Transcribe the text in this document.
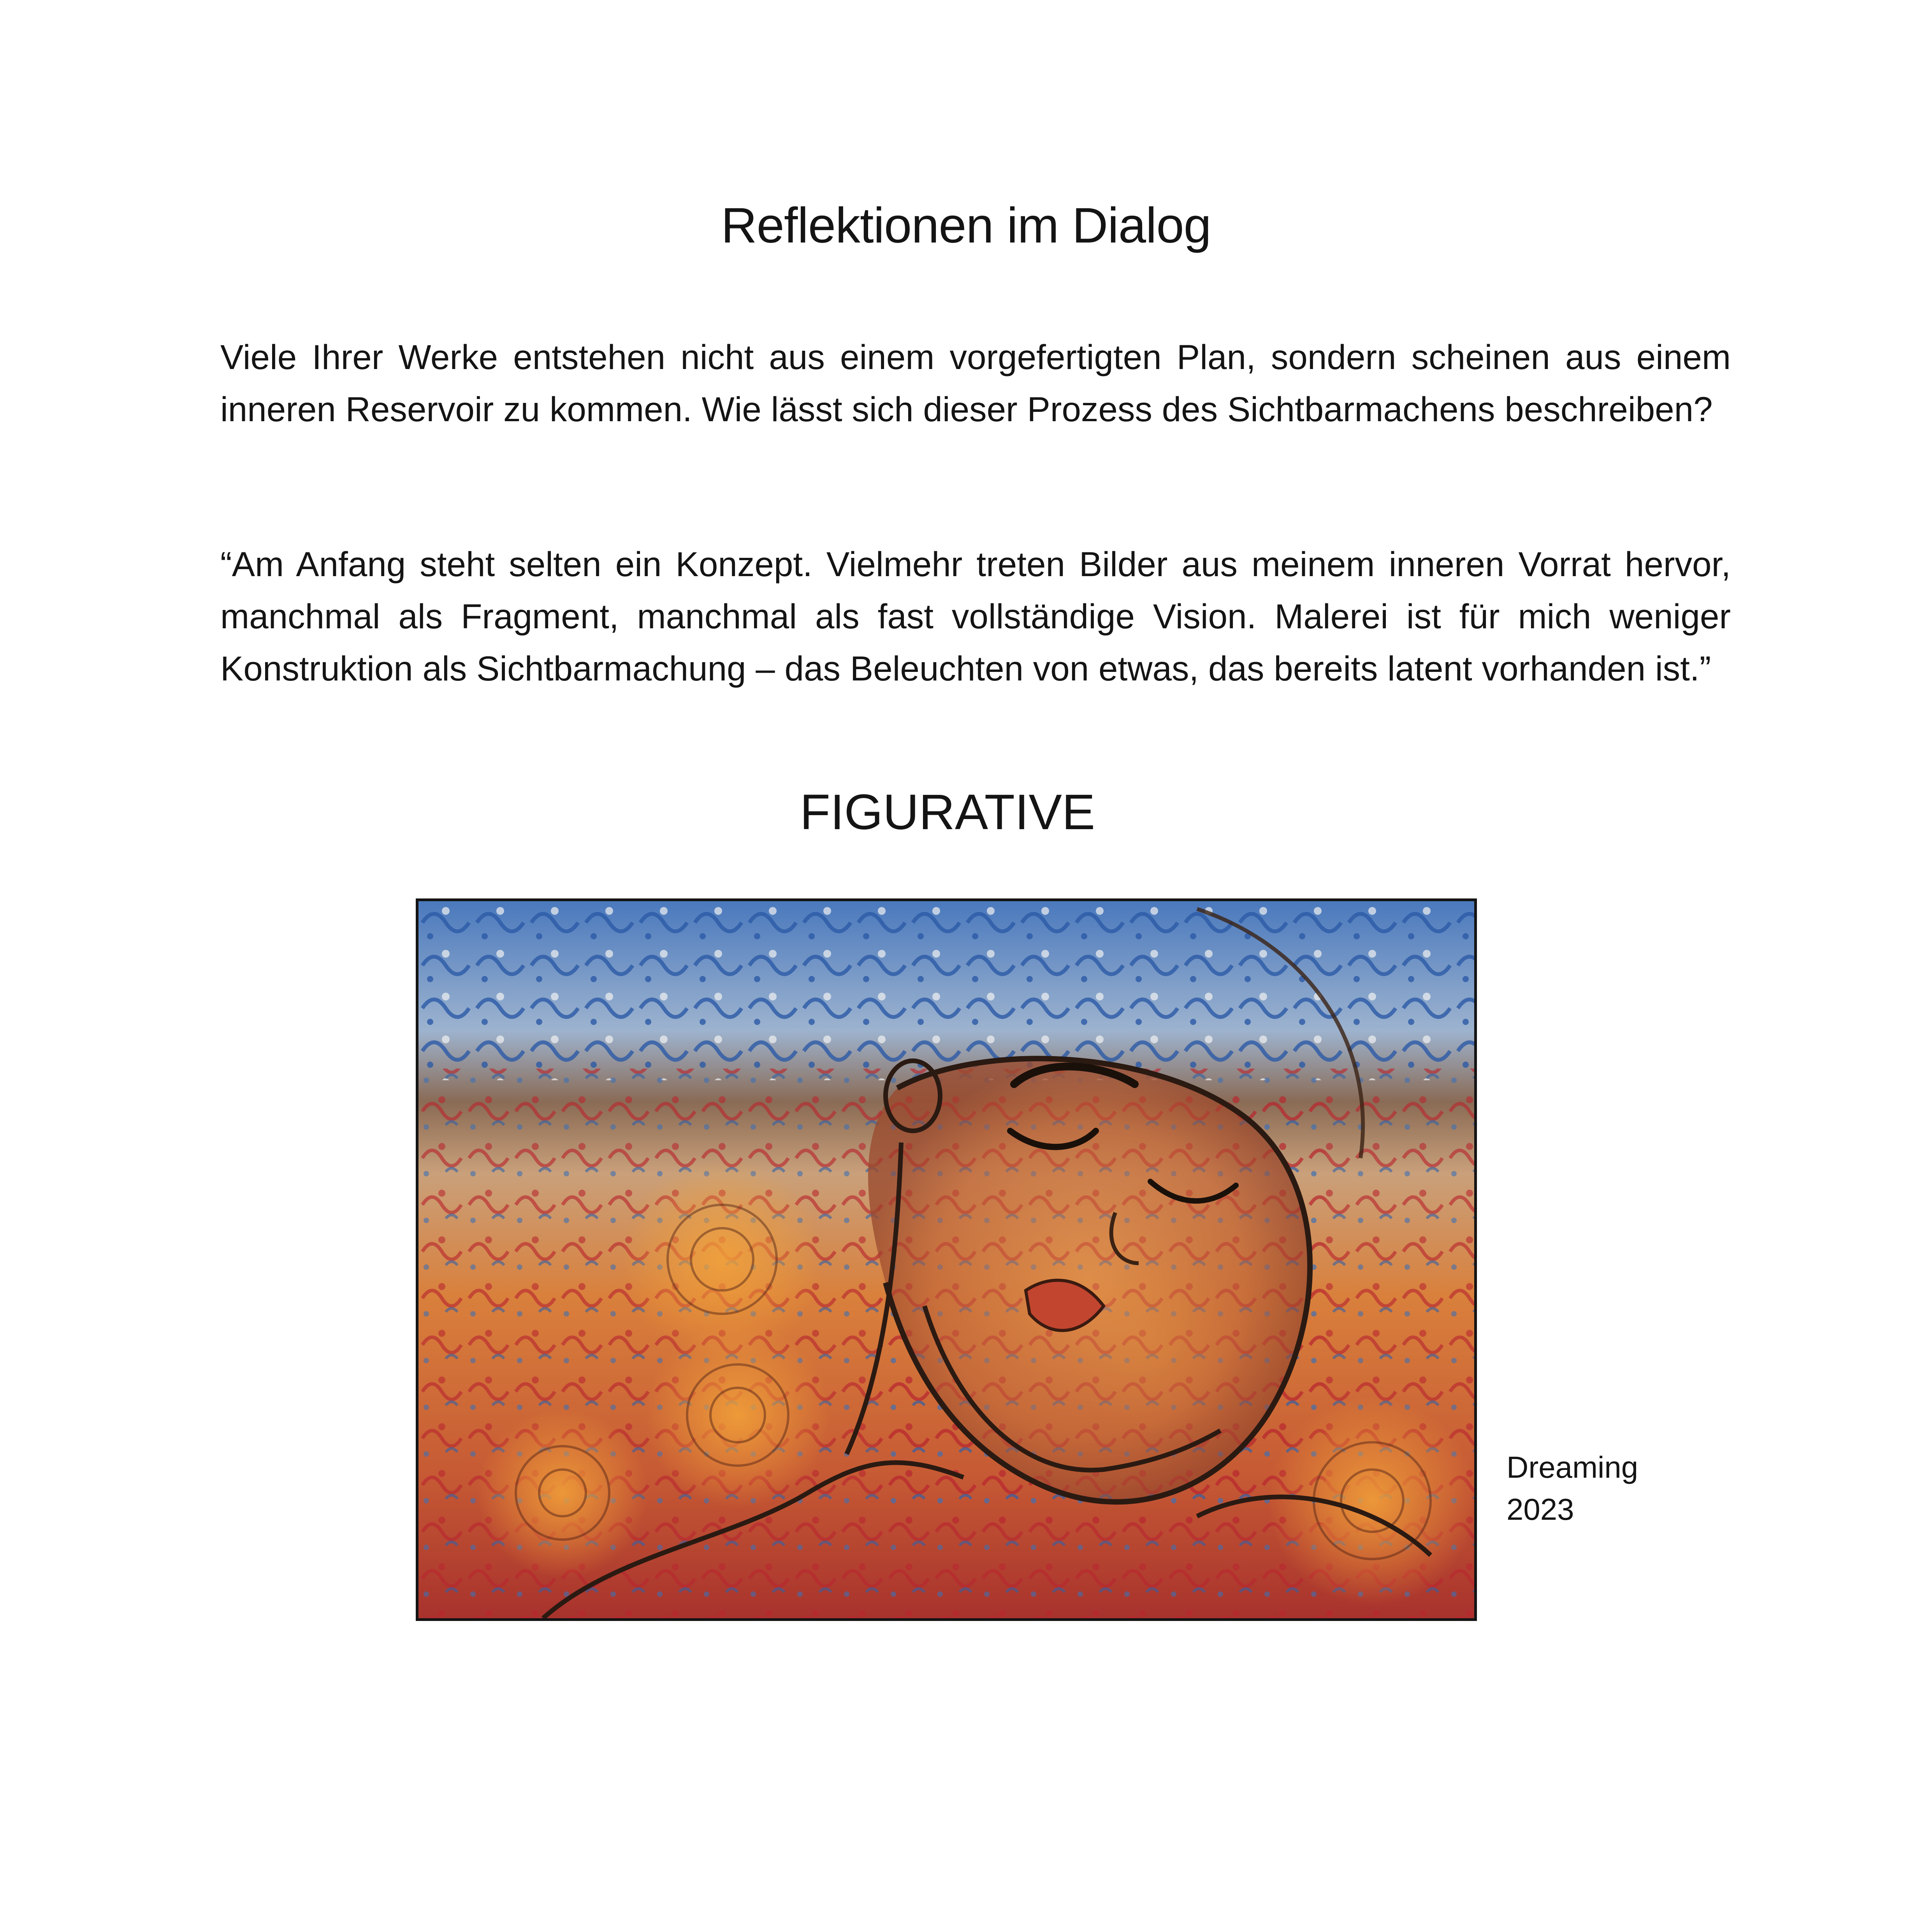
Reflektionen im Dialog

Viele Ihrer Werke entstehen nicht aus einem vorgefertigten Plan, sondern scheinen aus einem inneren Reservoir zu kommen. Wie lässt sich dieser Prozess des Sichtbarmachens beschreiben?

“Am Anfang steht selten ein Konzept. Vielmehr treten Bilder aus meinem inneren Vorrat hervor, manchmal als Fragment, manchmal als fast vollständige Vision. Malerei ist für mich weniger Konstruktion als Sichtbarmachung – das Beleuchten von etwas, das bereits latent vorhanden ist.”

FIGURATIVE
Dreaming
2023
